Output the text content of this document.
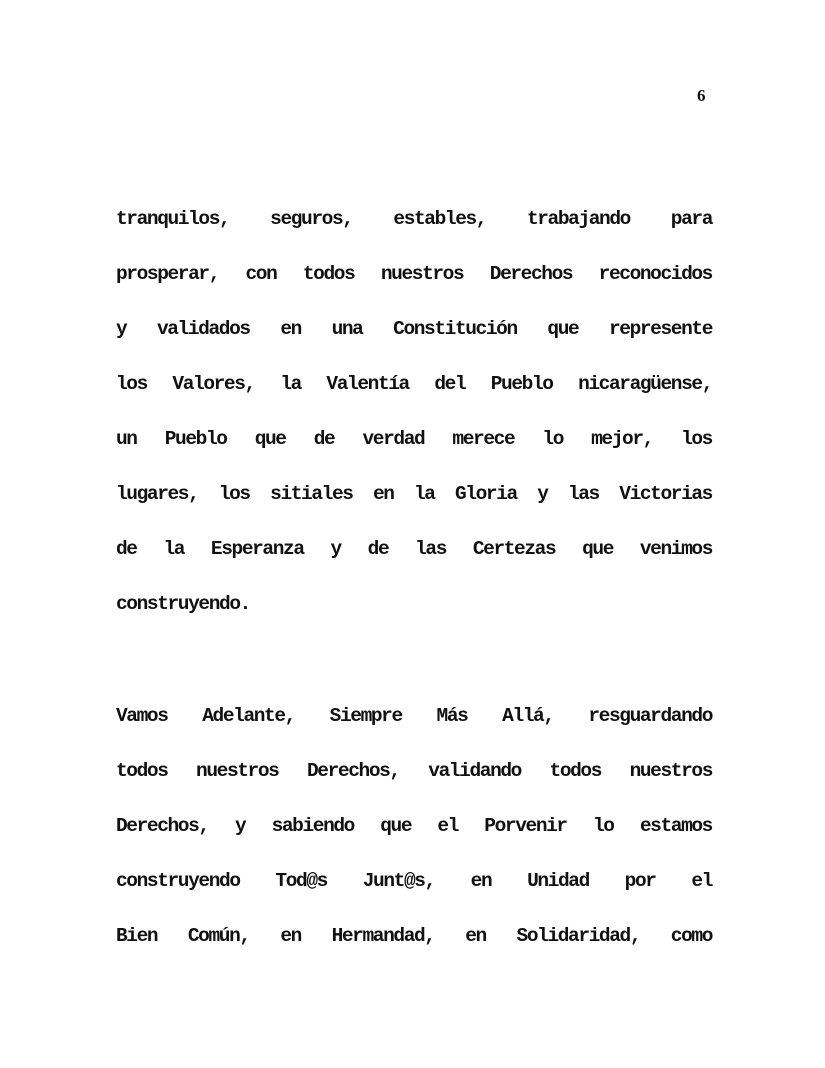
6
tranquilos, seguros, estables, trabajando para
prosperar, con todos nuestros Derechos reconocidos
y validados en una Constitución que represente
los Valores, la Valentía del Pueblo nicaragüense,
un Pueblo que de verdad merece lo mejor, los
lugares, los sitiales en la Gloria y las Victorias
de la Esperanza y de las Certezas que venimos
construyendo.
Vamos Adelante, Siempre Más Allá, resguardando
todos nuestros Derechos, validando todos nuestros
Derechos, y sabiendo que el Porvenir lo estamos
construyendo Tod@s Junt@s, en Unidad por el
Bien Común, en Hermandad, en Solidaridad, como
